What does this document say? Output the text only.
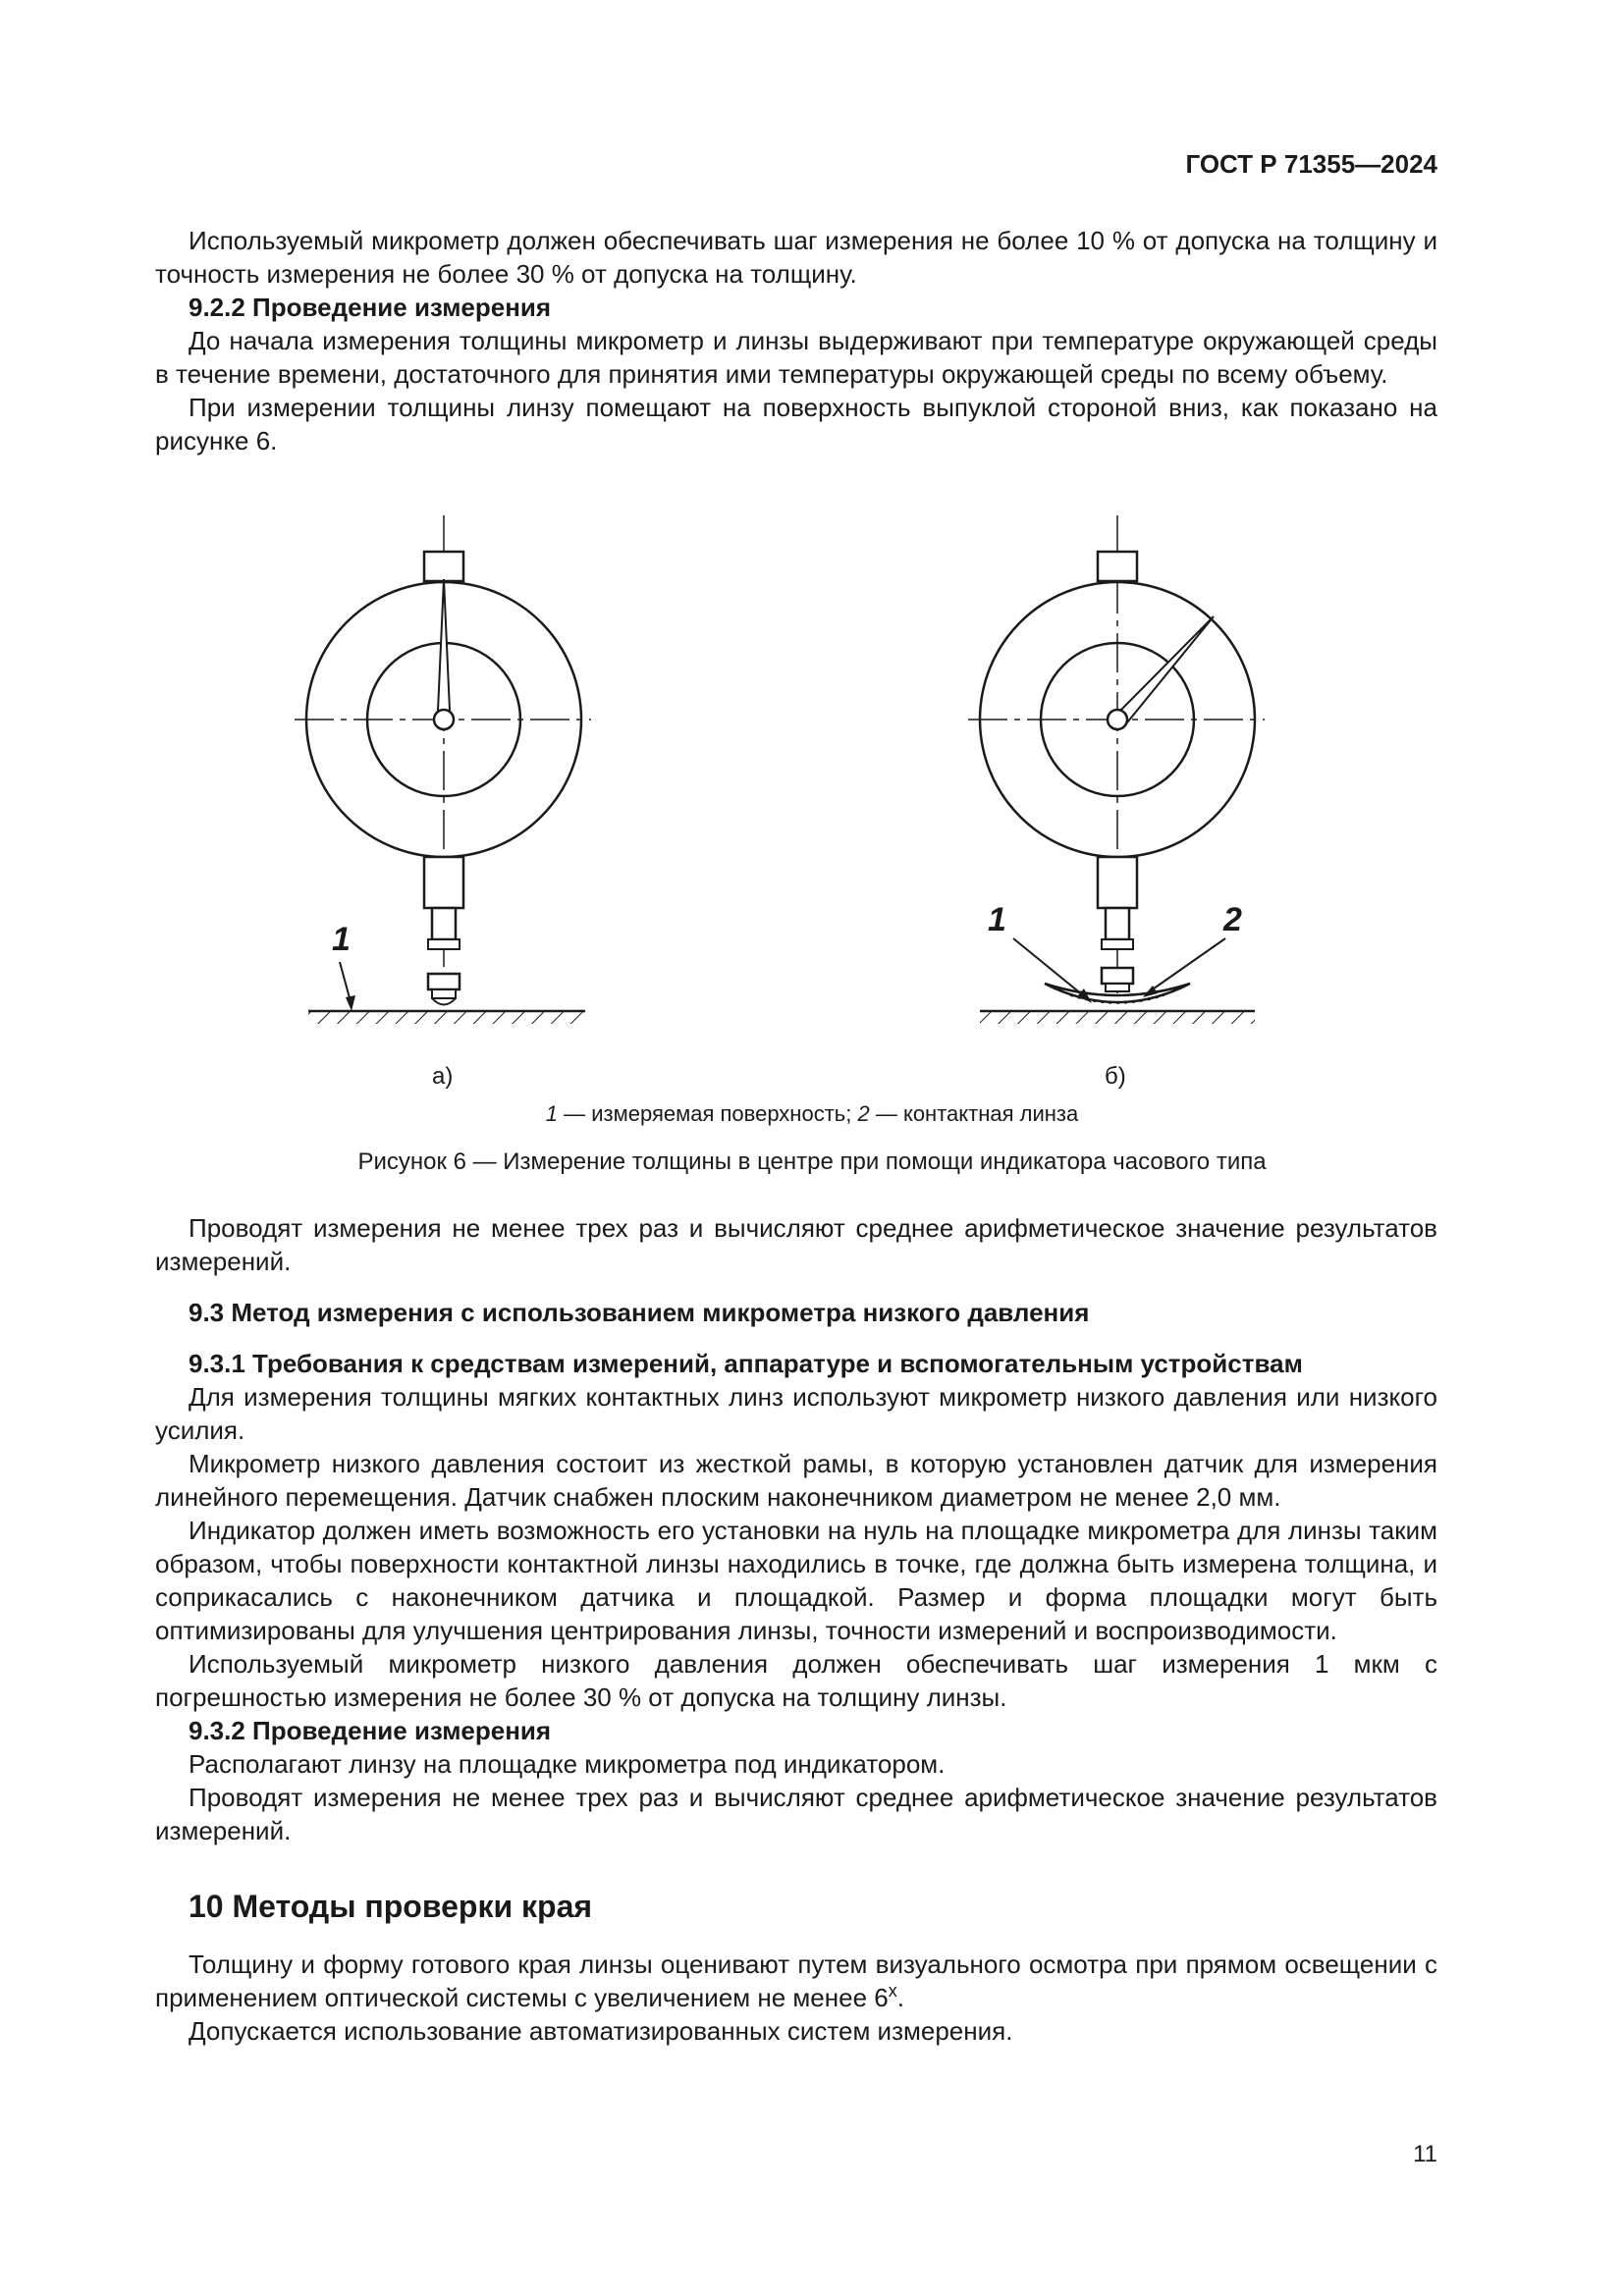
ГОСТ Р 71355—2024

Используемый микрометр должен обеспечивать шаг измерения не более 10 % от допуска на толщину и точность измерения не более 30 % от допуска на толщину.

9.2.2 Проведение измерения

До начала измерения толщины микрометр и линзы выдерживают при температуре окружающей среды в течение времени, достаточного для принятия ими температуры окружающей среды по всему объему.

При измерении толщины линзу помещают на поверхность выпуклой стороной вниз, как показано на рисунке 6.

1
1	2
а)	б)
1 — измеряемая поверхность; 2 — контактная линза
Рисунок 6 — Измерение толщины в центре при помощи индикатора часового типа

Проводят измерения не менее трех раз и вычисляют среднее арифметическое значение результатов измерений.

9.3 Метод измерения с использованием микрометра низкого давления

9.3.1 Требования к средствам измерений, аппаратуре и вспомогательным устройствам

Для измерения толщины мягких контактных линз используют микрометр низкого давления или низкого усилия.

Микрометр низкого давления состоит из жесткой рамы, в которую установлен датчик для измерения линейного перемещения. Датчик снабжен плоским наконечником диаметром не менее 2,0 мм.

Индикатор должен иметь возможность его установки на нуль на площадке микрометра для линзы таким образом, чтобы поверхности контактной линзы находились в точке, где должна быть измерена толщина, и соприкасались с наконечником датчика и площадкой. Размер и форма площадки могут быть оптимизированы для улучшения центрирования линзы, точности измерений и воспроизводимости.

Используемый микрометр низкого давления должен обеспечивать шаг измерения 1 мкм с погрешностью измерения не более 30 % от допуска на толщину линзы.

9.3.2 Проведение измерения

Располагают линзу на площадке микрометра под индикатором.

Проводят измерения не менее трех раз и вычисляют среднее арифметическое значение результатов измерений.

10 Методы проверки края

Толщину и форму готового края линзы оценивают путем визуального осмотра при прямом освещении с применением оптической системы с увеличением не менее $6^х$.

Допускается использование автоматизированных систем измерения.

11
